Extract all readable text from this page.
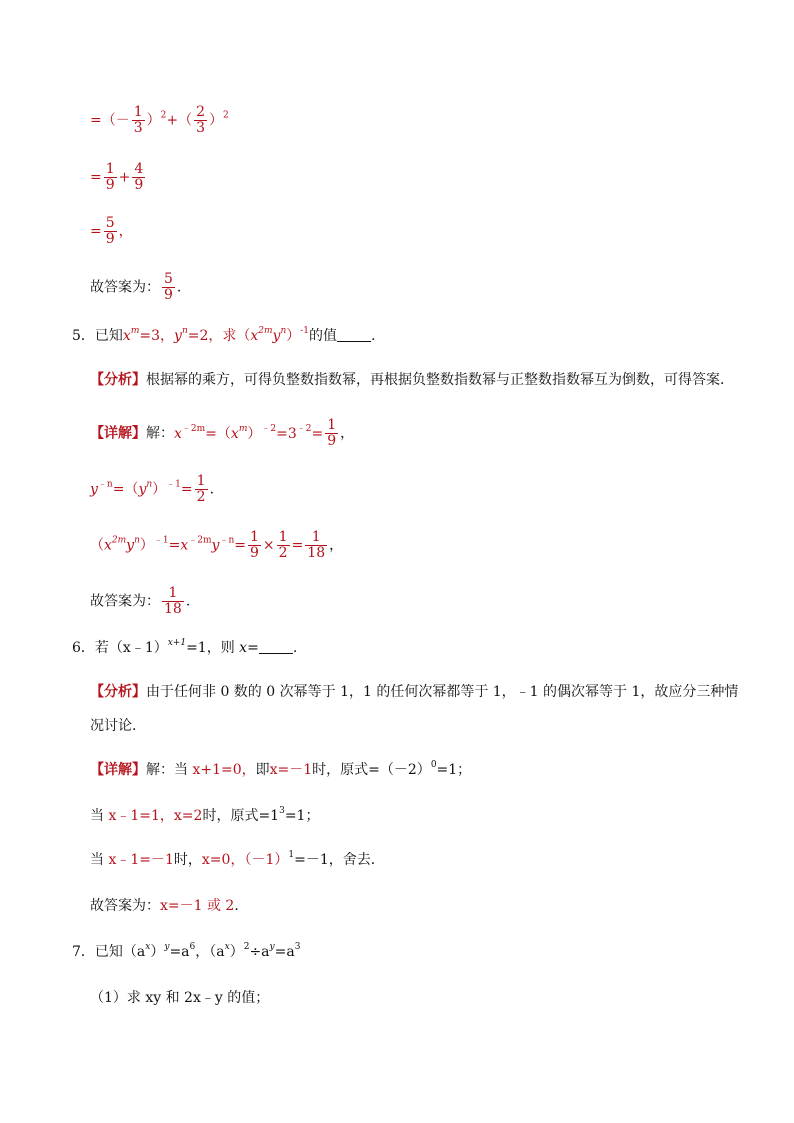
=（－ $\frac{1}{3} )^2+( \frac{2}{3} )^2$
= $\frac{1}{9} + \frac{4}{9}$
= $\frac{5}{9}$ ，
故答案为： $\frac{5}{9}$ .
5．已知$x^m=3$，$y^n=2$，求$(x^{2m}y^n)^{-1}$的值 .
【分析】根据幂的乘方，可得负整数指数幂，再根据负整数指数幂与正整数指数幂互为倒数，可得答案．
【详解】解：$x^{﹣2m}=(x^m)^{﹣2}=3^{﹣2}= \frac{1}{9}$ ，
$y^{﹣n}=(y^n)^{﹣1}= \frac{1}{2}$ .
$(x^{2m}y^n)^{﹣1}=x^{﹣2m}y^{﹣n}= \frac{1}{9} \times \frac{1}{2} = \frac{1}{18}$ ，
故答案为： $\frac{1}{18}$ .
6．若（x﹣1）$^{x+1}$=1，则 x= .
【分析】由于任何非 0 数的 0 次幂等于 1，1 的任何次幂都等于 1，﹣1 的偶次幂等于 1，故应分三种情
况讨论．
【详解】解：当 x+1=0，即x=－1时，原式$=(-2)^0=1$；
当 x﹣1=1，x=2时，原式$=1^3=1$；
当 x﹣1=－1时，x=0，$(-1)^1=-1$，舍去．
故答案为：x=－1 或 2.
7．已知$(a^x)^y=a^6$，$(a^x)^2\div a^y=a^3$
（1）求 xy 和 2x﹣y 的值；
